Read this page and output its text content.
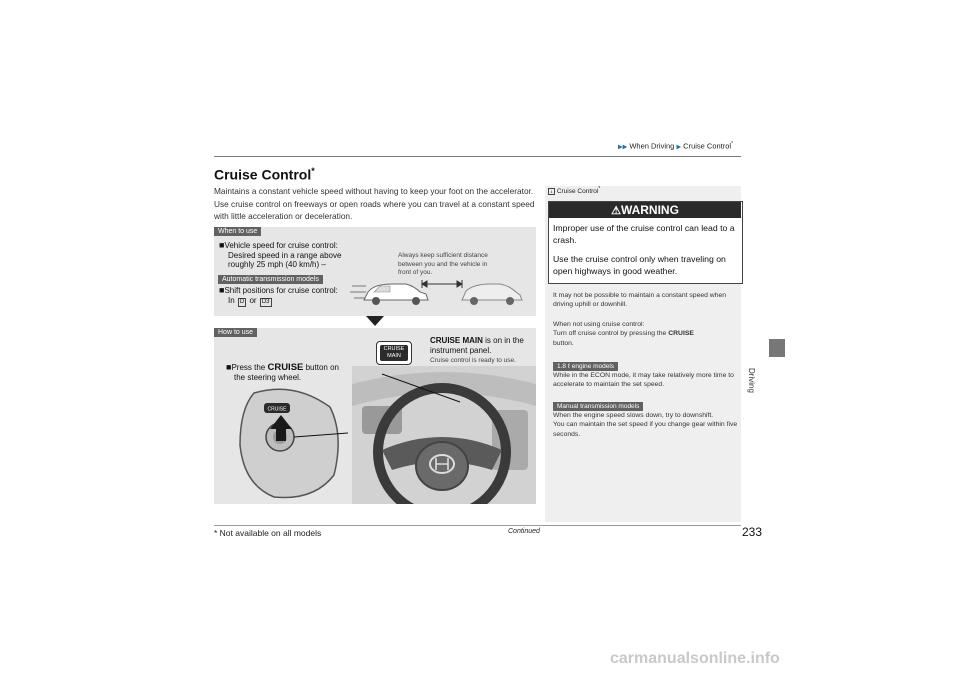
▶▶ When Driving ▶ Cruise Control*
Cruise Control*
Maintains a constant vehicle speed without having to keep your foot on the accelerator. Use cruise control on freeways or open roads where you can travel at a constant speed with little acceleration or deceleration.
When to use
■Vehicle speed for cruise control:
Desired speed in a range above
roughly 25 mph (40 km/h) –
Automatic transmission models
■Shift positions for cruise control:
In D or D3
Always keep sufficient distance
between you and the vehicle in
front of you.
How to use
■Press the CRUISE button on
the steering wheel.
CRUISE MAIN is on in the
instrument panel.
Cruise control is ready to use.
CRUISE
MAIN
CRUISE
1 Cruise Control*
⚠WARNING
Improper use of the cruise control can lead to a crash.
Use the cruise control only when traveling on open highways in good weather.
It may not be possible to maintain a constant speed when driving uphill or downhill.
When not using cruise control:
Turn off cruise control by pressing the CRUISE
button.
1.8 ℓ engine models
While in the ECON mode, it may take relatively more time to accelerate to maintain the set speed.
Manual transmission models
When the engine speed slows down, try to downshift.
You can maintain the set speed if you change gear within five seconds.
Driving
Continued	233
* Not available on all models
carmanualsonline.info
